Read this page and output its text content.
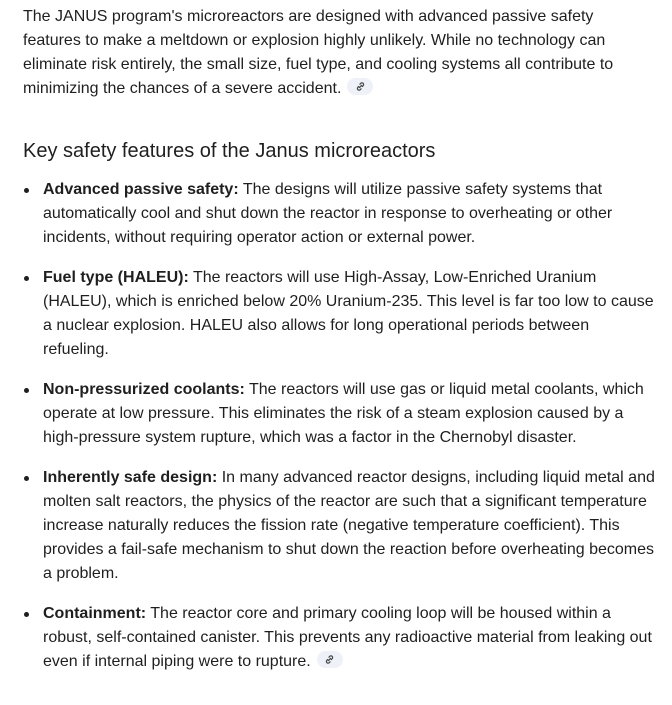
The JANUS program's microreactors are designed with advanced passive safety features to make a meltdown or explosion highly unlikely. While no technology can eliminate risk entirely, the small size, fuel type, and cooling systems all contribute to minimizing the chances of a severe accident.

Key safety features of the Janus microreactors
Advanced passive safety: The designs will utilize passive safety systems that automatically cool and shut down the reactor in response to overheating or other incidents, without requiring operator action or external power.
Fuel type (HALEU): The reactors will use High-Assay, Low-Enriched Uranium (HALEU), which is enriched below 20% Uranium-235. This level is far too low to cause a nuclear explosion. HALEU also allows for long operational periods between refueling.
Non-pressurized coolants: The reactors will use gas or liquid metal coolants, which operate at low pressure. This eliminates the risk of a steam explosion caused by a high-pressure system rupture, which was a factor in the Chernobyl disaster.
Inherently safe design: In many advanced reactor designs, including liquid metal and molten salt reactors, the physics of the reactor are such that a significant temperature increase naturally reduces the fission rate (negative temperature coefficient). This provides a fail-safe mechanism to shut down the reaction before overheating becomes a problem.
Containment: The reactor core and primary cooling loop will be housed within a robust, self-contained canister. This prevents any radioactive material from leaking out even if internal piping were to rupture.
